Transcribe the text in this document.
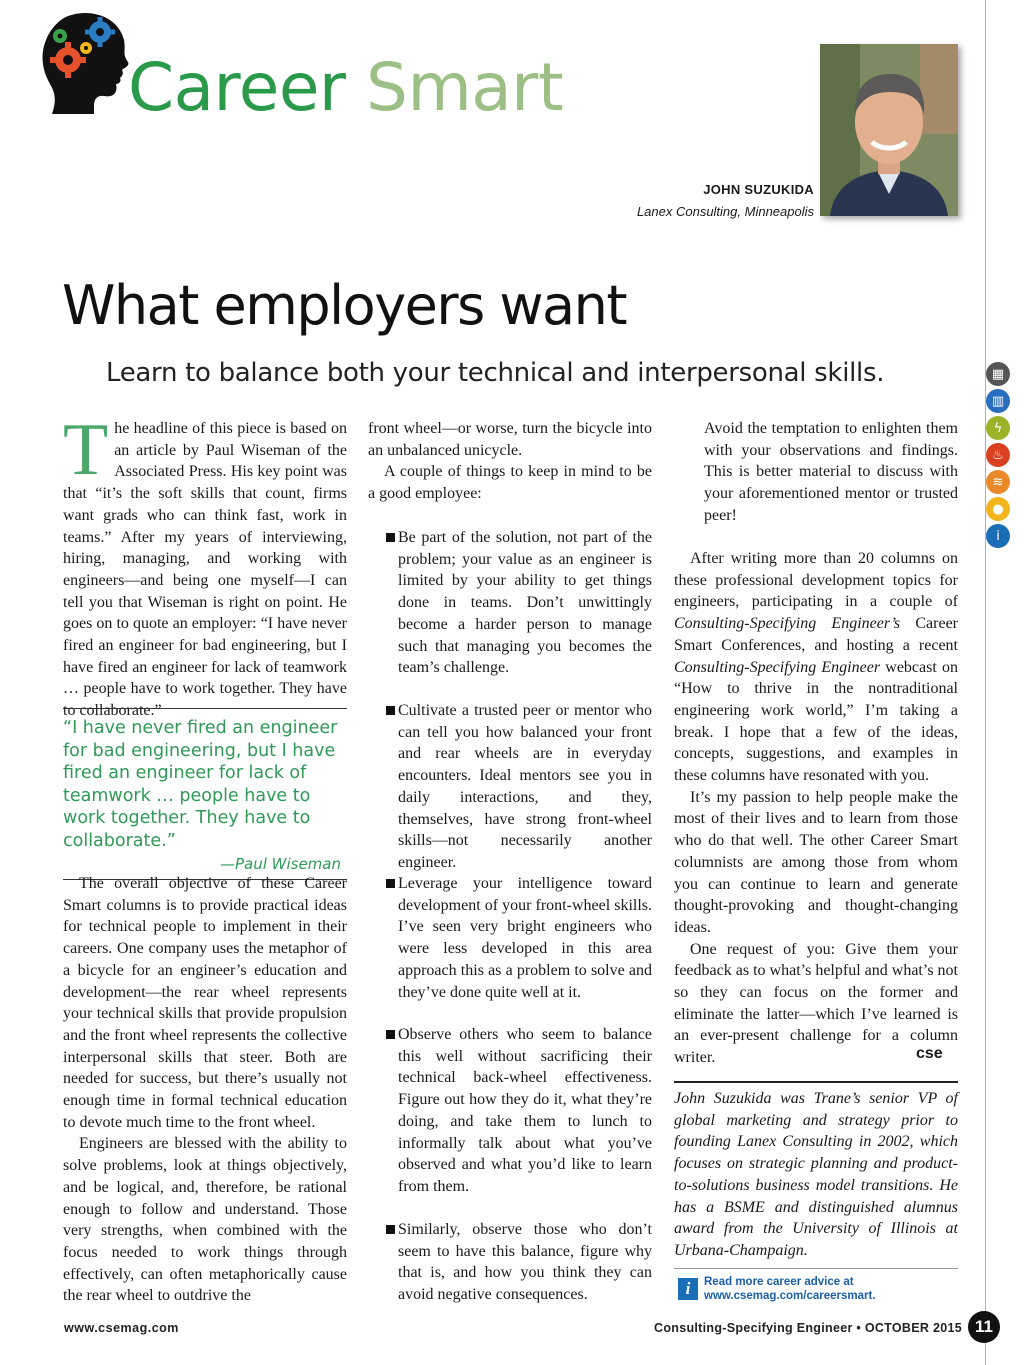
Career Smart
JOHN SUZUKIDA
Lanex Consulting, Minneapolis
▦
▥
ϟ
♨
≋
●
i
What employers want
Learn to balance both your technical and interpersonal skills.

The headline of this piece is based on an article by Paul Wiseman of the Associated Press. His key point was that “it’s the soft skills that count, firms want grads who can think fast, work in teams.” After my years of interviewing, hiring, managing, and working with engineers—and being one myself—I can tell you that Wiseman is right on point. He goes on to quote an employer: “I have never fired an engineer for bad engineering, but I have fired an engineer for lack of teamwork … people have to work together. They have to collaborate.”

“I have never fired an engineer for bad engineering, but I have fired an engineer for lack of teamwork … people have to work together. They have to collaborate.”
—Paul Wiseman

The overall objective of these Career Smart columns is to provide practical ideas for technical people to implement in their careers. One company uses the metaphor of a bicycle for an engineer’s education and development—the rear wheel represents your technical skills that provide propulsion and the front wheel represents the collective interpersonal skills that steer. Both are needed for success, but there’s usually not enough time in formal technical education to devote much time to the front wheel.

Engineers are blessed with the ability to solve problems, look at things objectively, and be logical, and, therefore, be rational enough to follow and understand. Those very strengths, when combined with the focus needed to work things through effectively, can often metaphorically cause the rear wheel to outdrive the

front wheel—or worse, turn the bicycle into an unbalanced unicycle.

A couple of things to keep in mind to be a good employee:

Be part of the solution, not part of the problem; your value as an engineer is limited by your ability to get things done in teams. Don’t unwittingly become a harder person to manage such that managing you becomes the team’s challenge.
Cultivate a trusted peer or mentor who can tell you how balanced your front and rear wheels are in everyday encounters. Ideal mentors see you in daily interactions, and they, themselves, have strong front-wheel skills—not necessarily another engineer.
Leverage your intelligence toward development of your front-wheel skills. I’ve seen very bright engineers who were less developed in this area approach this as a problem to solve and they’ve done quite well at it.
Observe others who seem to balance this well without sacrificing their technical back-wheel effectiveness. Figure out how they do it, what they’re doing, and take them to lunch to informally talk about what you’ve observed and what you’d like to learn from them.
Similarly, observe those who don’t seem to have this balance, figure why that is, and how you think they can avoid negative consequences.
Avoid the temptation to enlighten them with your observations and findings. This is better material to discuss with your aforementioned mentor or trusted peer!

After writing more than 20 columns on these professional development topics for engineers, participating in a couple of Consulting-Specifying Engineer’s Career Smart Conferences, and hosting a recent Consulting-Specifying Engineer webcast on “How to thrive in the nontraditional engineering work world,” I’m taking a break. I hope that a few of the ideas, concepts, suggestions, and examples in these columns have resonated with you.

It’s my passion to help people make the most of their lives and to learn from those who do that well. The other Career Smart columnists are among those from whom you can continue to learn and generate thought-provoking and thought-changing ideas.

One request of you: Give them your feedback as to what’s helpful and what’s not so they can focus on the former and eliminate the latter—which I’ve learned is an ever-present challenge for a column writer.	cse
John Suzukida was Trane’s senior VP of global marketing and strategy prior to founding Lanex Consulting in 2002, which focuses on strategic planning and product-to-solutions business model transitions. He has a BSME and distinguished alumnus award from the University of Illinois at Urbana-Champaign.
i	Read more career advice at
www.csemag.com/careersmart.
www.csemag.com	Consulting-Specifying Engineer • OCTOBER 2015 11
